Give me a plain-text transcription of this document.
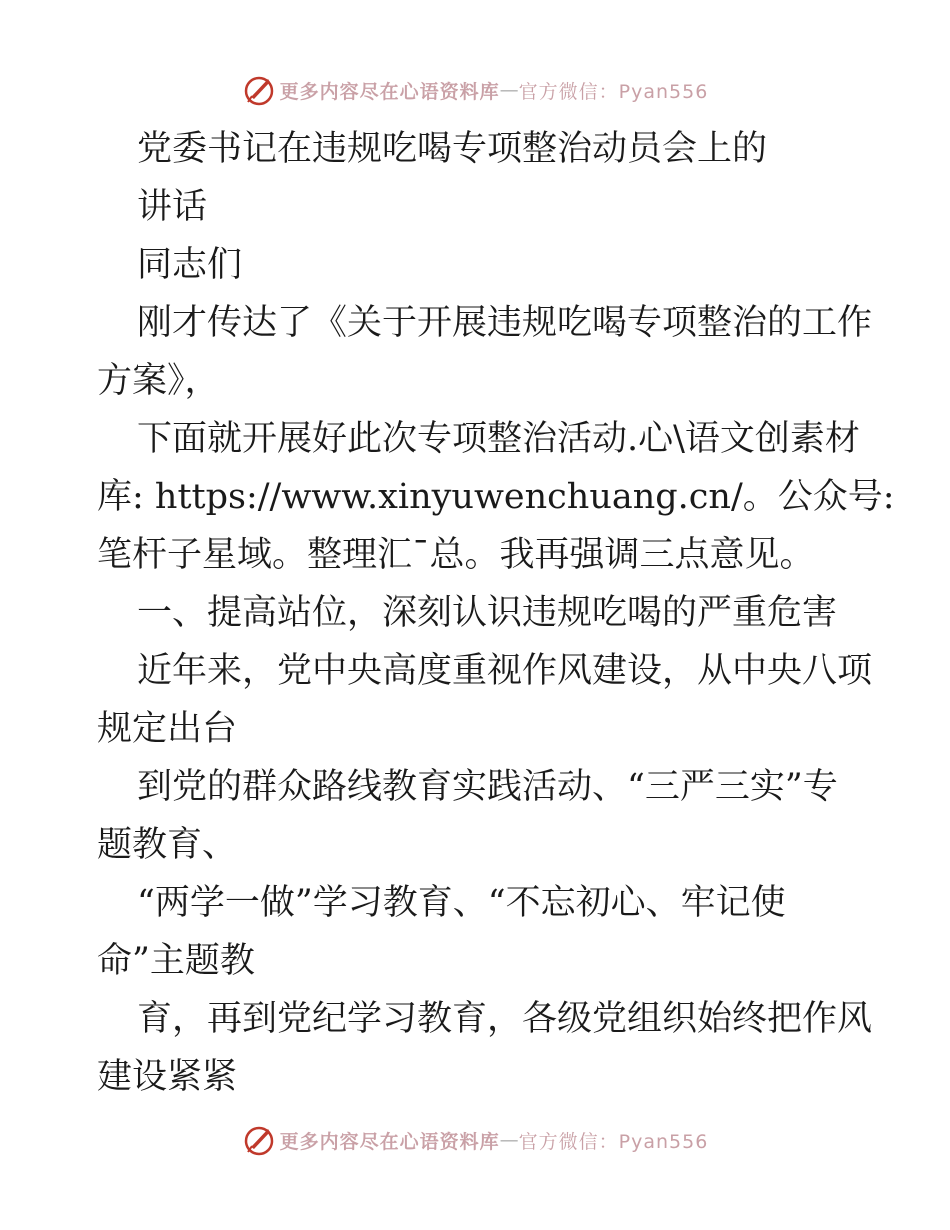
更多内容尽在心语资料库 — 官方微信：Pyan556
党委书记在违规吃喝专项整治动员会上的
讲话
同志们
刚才传达了《关于开展违规吃喝专项整治的工作
方案》，
下面就开展好此次专项整治活动.心\语文创素材
库: https://www.xinyuwenchuang.cn/。公众号:
笔杆子星域。整理汇¯总。我再强调三点意见。
一、提高站位，深刻认识违规吃喝的严重危害
近年来，党中央高度重视作风建设，从中央八项
规定出台
到党的群众路线教育实践活动、“三严三实”专
题教育、
“两学一做”学习教育、“不忘初心、牢记使
命”主题教
育，再到党纪学习教育，各级党组织始终把作风
建设紧紧
更多内容尽在心语资料库 — 官方微信：Pyan556
